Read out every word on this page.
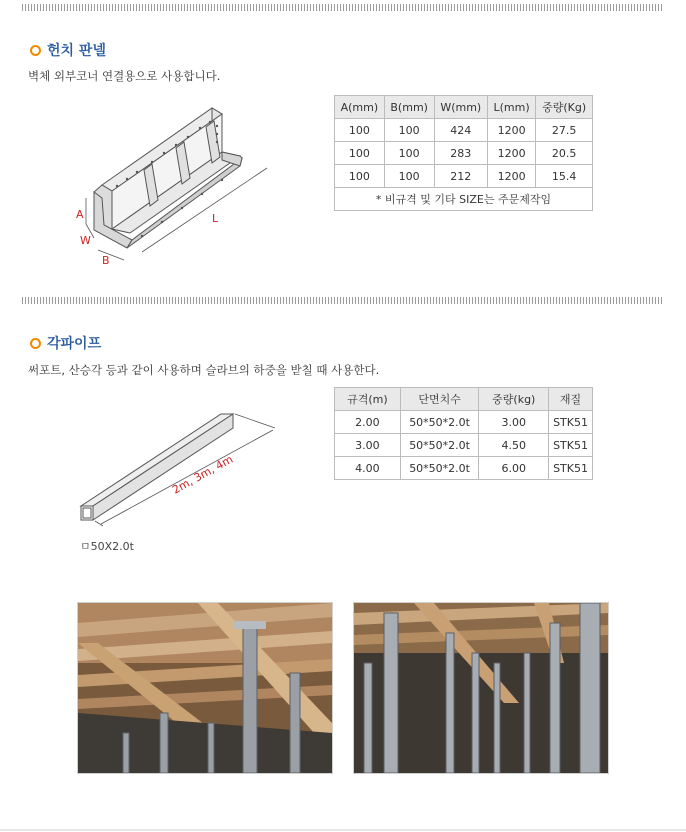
헌치 판넬
벽체 외부코너 연결용으로 사용합니다.
A
W
B
L
A(mm)	B(mm)	W(mm)	L(mm)	중량(Kg)
100	100	424	1200	27.5
100	100	283	1200	20.5
100	100	212	1200	15.4
* 비규격 및 기타 SIZE는 주문제작임				
각파이프
써포트, 산승각 등과 같이 사용하며 슬라브의 하중을 받칠 때 사용한다.
2m, 3m, 4m
ㅁ50X2.0t
규격(m)	단면치수	중량(kg)	재질
2.00	50*50*2.0t	3.00	STK51
3.00	50*50*2.0t	4.50	STK51
4.00	50*50*2.0t	6.00	STK51
